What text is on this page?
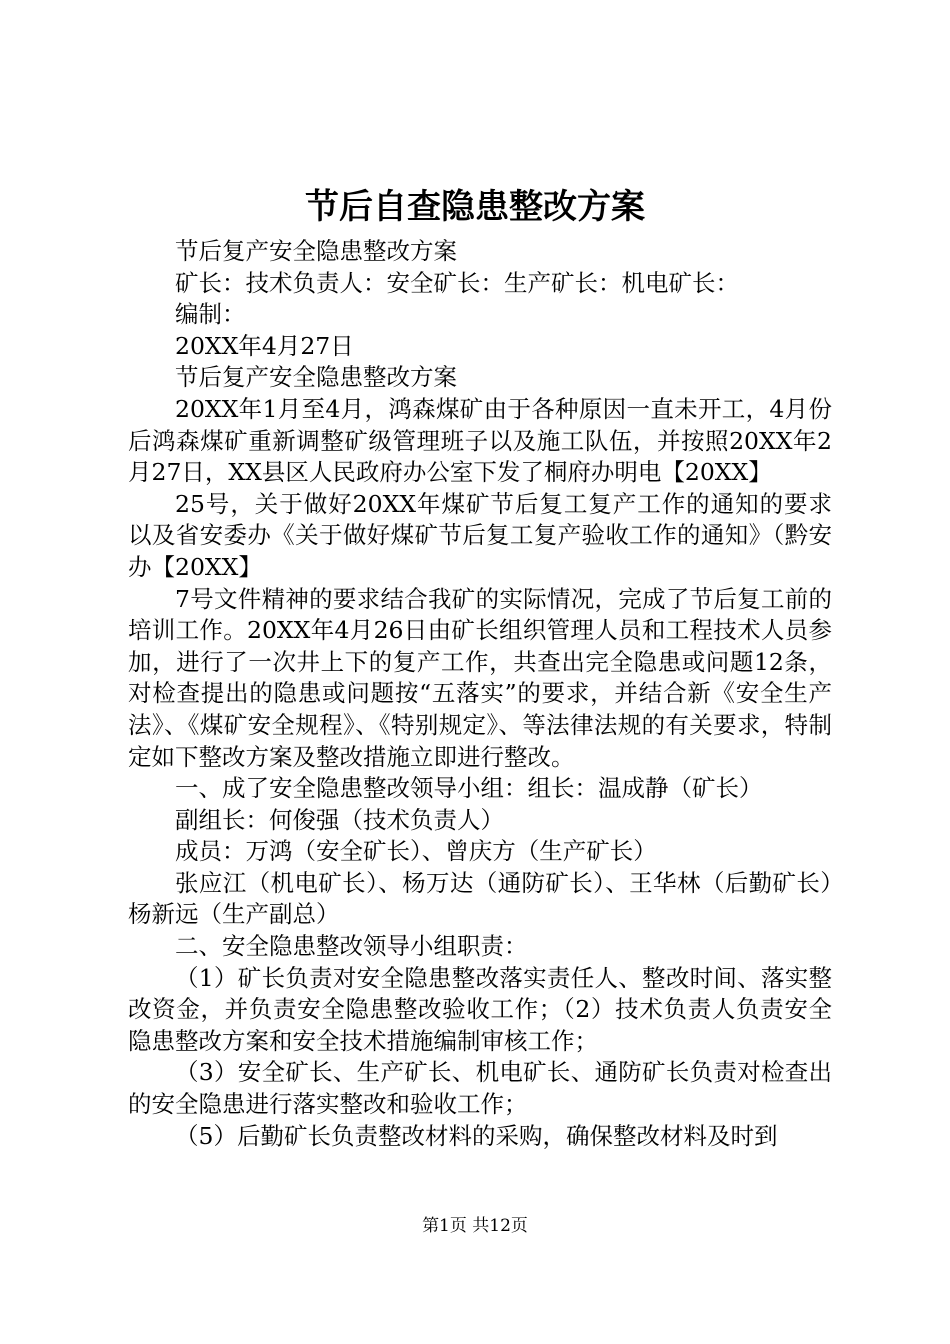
节后自查隐患整改方案

节后复产安全隐患整改方案

矿长：技术负责人：安全矿长：生产矿长：机电矿长：

编制：

20XX年4月27日

节后复产安全隐患整改方案

20XX年1月至4月，鸿森煤矿由于各种原因一直未开工，4月份后鸿森煤矿重新调整矿级管理班子以及施工队伍，并按照20XX年2月27日，XX县区人民政府办公室下发了桐府办明电【20XX】

25号，关于做好20XX年煤矿节后复工复产工作的通知的要求以及省安委办《关于做好煤矿节后复工复产验收工作的通知》（黔安办【20XX】

7号文件精神的要求结合我矿的实际情况，完成了节后复工前的培训工作。20XX年4月26日由矿长组织管理人员和工程技术人员参加，进行了一次井上下的复产工作，共查出完全隐患或问题12条，对检查提出的隐患或问题按“五落实”的要求，并结合新《安全生产法》、《煤矿安全规程》、《特别规定》、等法律法规的有关要求，特制定如下整改方案及整改措施立即进行整改。

一、成了安全隐患整改领导小组：组长：温成静（矿长）

副组长：何俊强（技术负责人）

成员：万鸿（安全矿长）、曾庆方（生产矿长）

张应江（机电矿长）、杨万达（通防矿长）、王华林（后勤矿长）杨新远（生产副总）

二、安全隐患整改领导小组职责：

（1）矿长负责对安全隐患整改落实责任人、整改时间、落实整改资金，并负责安全隐患整改验收工作；（2）技术负责人负责安全隐患整改方案和安全技术措施编制审核工作；

（3）安全矿长、生产矿长、机电矿长、通防矿长负责对检查出的安全隐患进行落实整改和验收工作；

（5）后勤矿长负责整改材料的采购，确保整改材料及时到

第1页 共12页
